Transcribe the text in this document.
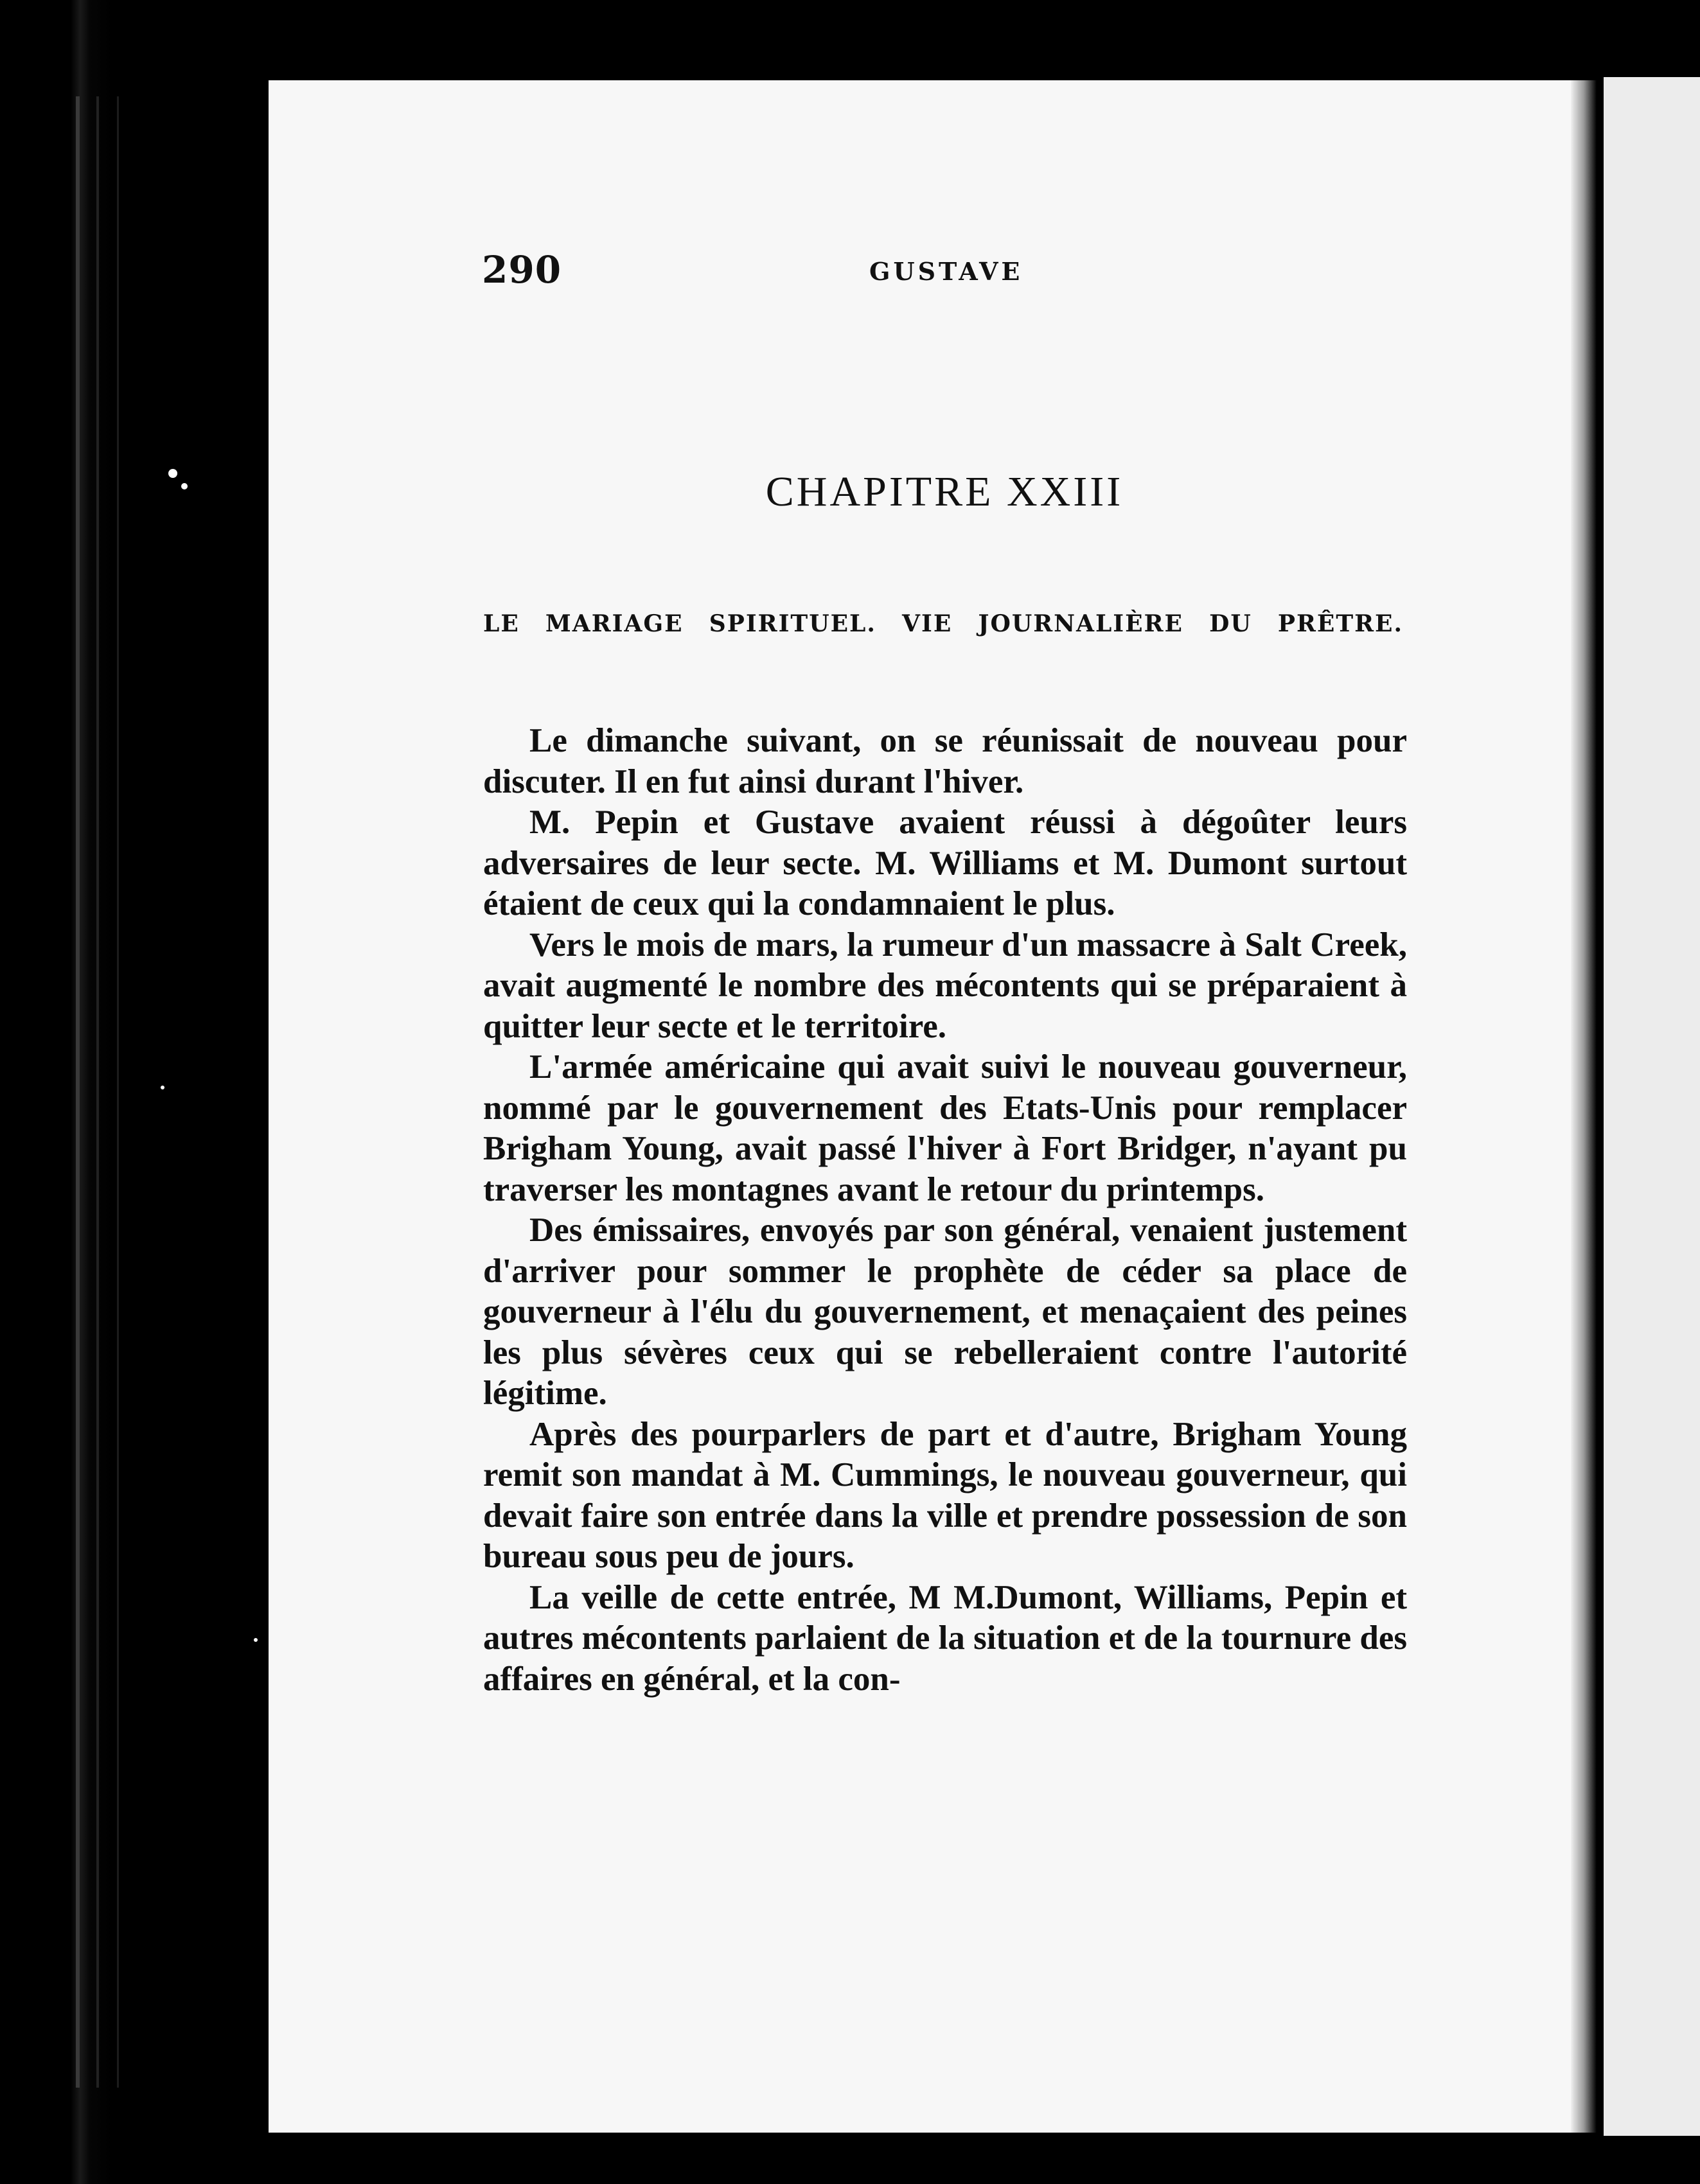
290	GUSTAVE
CHAPITRE XXIII
LE MARIAGE SPIRITUEL. VIE JOURNALIÈRE DU PRÊTRE.

Le dimanche suivant, on se réunissait de nouveau pour discuter. Il en fut ainsi durant l'hiver.

M. Pepin et Gustave avaient réussi à dégoûter leurs adversaires de leur secte. M. Williams et M. Dumont surtout étaient de ceux qui la condamnaient le plus.

Vers le mois de mars, la rumeur d'un massacre à Salt Creek, avait augmenté le nombre des mécontents qui se préparaient à quitter leur secte et le territoire.

L'armée américaine qui avait suivi le nouveau gouverneur, nommé par le gouvernement des Etats-Unis pour remplacer Brigham Young, avait passé l'hiver à Fort Bridger, n'ayant pu traverser les montagnes avant le retour du printemps.

Des émissaires, envoyés par son général, venaient justement d'arriver pour sommer le prophète de céder sa place de gouverneur à l'élu du gouvernement, et menaçaient des peines les plus sévères ceux qui se rebelleraient contre l'autorité légitime.

Après des pourparlers de part et d'autre, Brigham Young remit son mandat à M. Cummings, le nouveau gouverneur, qui devait faire son entrée dans la ville et prendre possession de son bureau sous peu de jours.

La veille de cette entrée, M M.Dumont, Williams, Pepin et autres mécontents parlaient de la situation et de la tournure des affaires en général, et la con-
